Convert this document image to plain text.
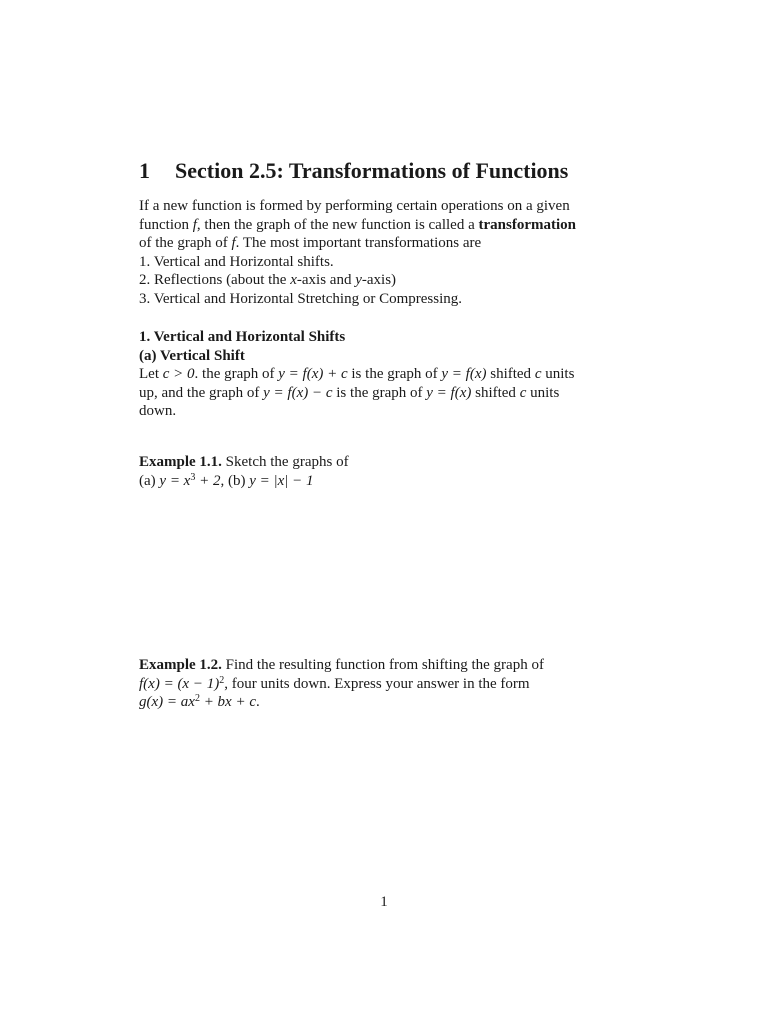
1 Section 2.5: Transformations of Functions
If a new function is formed by performing certain operations on a given
function f, then the graph of the new function is called a transformation
of the graph of f. The most important transformations are
1. Vertical and Horizontal shifts.
2. Reflections (about the x-axis and y-axis)
3. Vertical and Horizontal Stretching or Compressing.
1. Vertical and Horizontal Shifts
(a) Vertical Shift
Let c > 0. the graph of y = f(x) + c is the graph of y = f(x) shifted c units
up, and the graph of y = f(x) − c is the graph of y = f(x) shifted c units
down.
Example 1.1. Sketch the graphs of
(a) $y = x^3 + 2$, (b) y = |x| − 1
Example 1.2. Find the resulting function from shifting the graph of
$f(x) = (x - 1)^2$, four units down. Express your answer in the form
$g(x) = ax^2$ + bx + c.
1
